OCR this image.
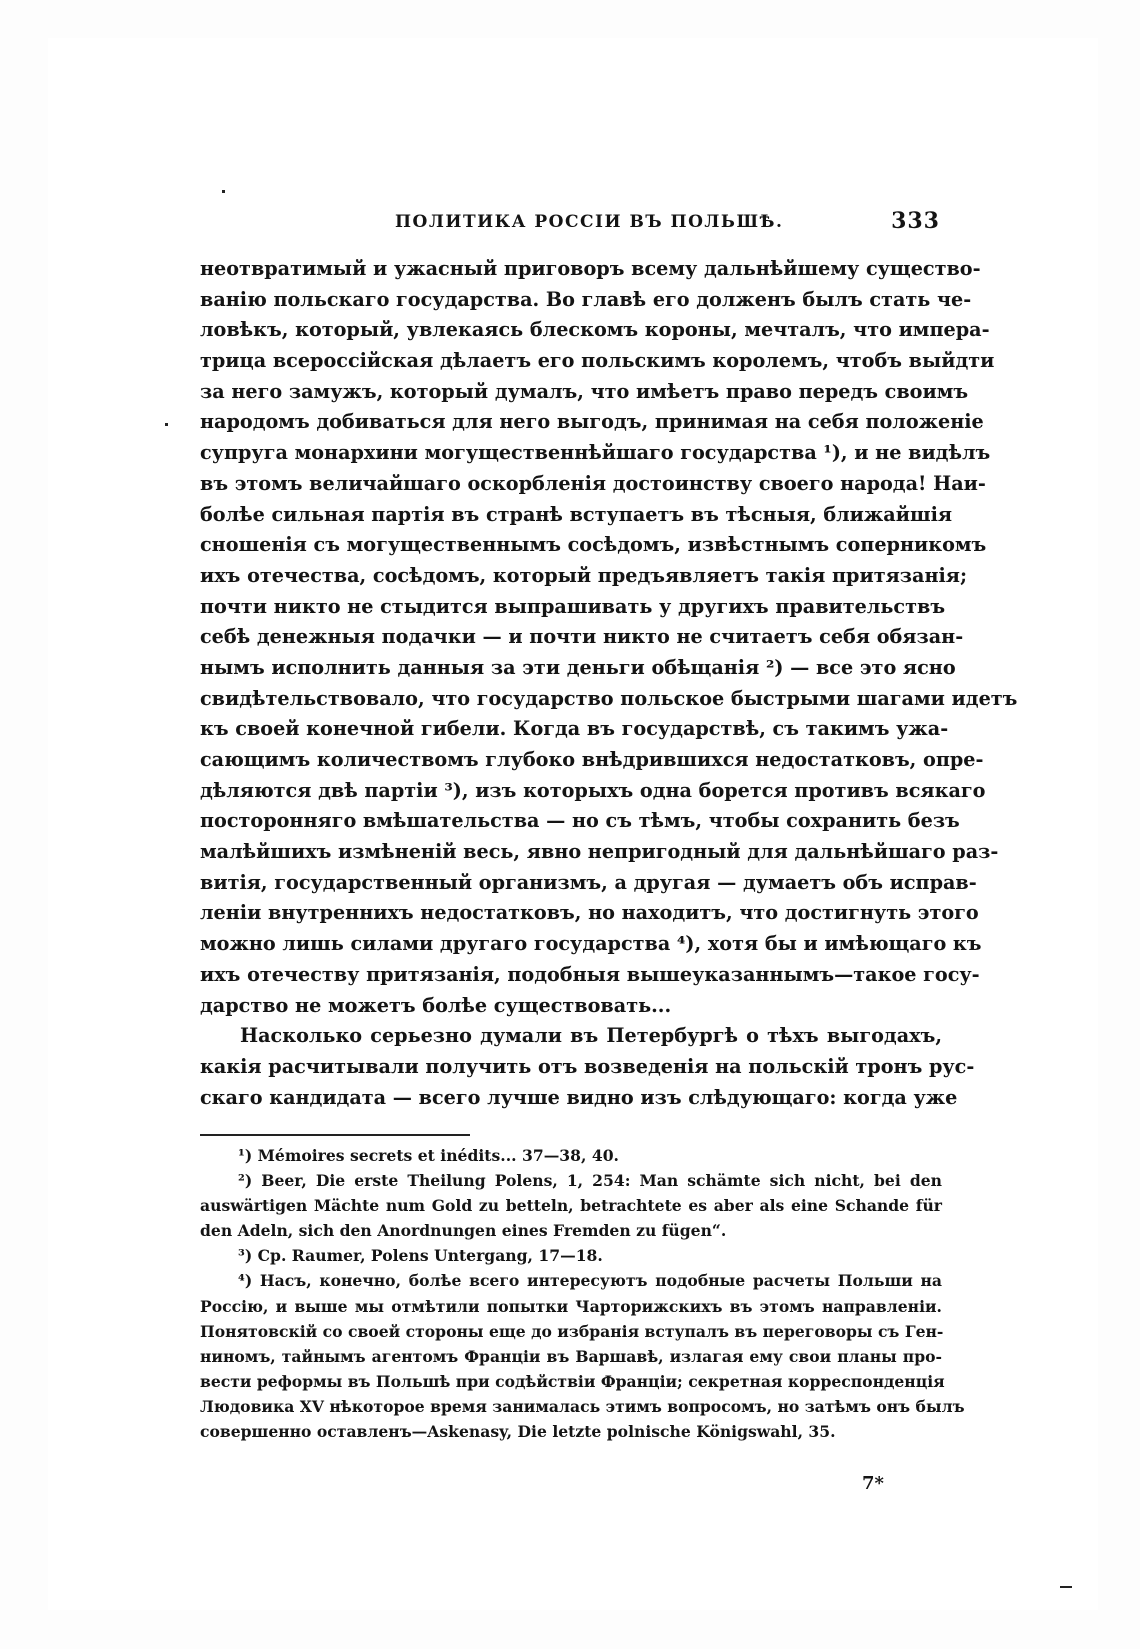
ПОЛИТИКА РОССІИ ВЪ ПОЛЬШѢ.	333
неотвратимый и ужасный приговоръ всему дальнѣйшему существо-
ванію польскаго государства. Во главѣ его долженъ былъ стать че-
ловѣкъ, который, увлекаясь блескомъ короны, мечталъ, что импера-
трица всероссійская дѣлаетъ его польскимъ королемъ, чтобъ выйдти
за него замужъ, который думалъ, что имѣетъ право передъ своимъ
народомъ добиваться для него выгодъ, принимая на себя положеніе
супруга монархини могущественнѣйшаго государства ¹), и не видѣлъ
въ этомъ величайшаго оскорбленія достоинству своего народа! Наи-
болѣе сильная партія въ странѣ вступаетъ въ тѣсныя, ближайшія
сношенія съ могущественнымъ сосѣдомъ, извѣстнымъ соперникомъ
ихъ отечества, сосѣдомъ, который предъявляетъ такія притязанія;
почти никто не стыдится выпрашивать у другихъ правительствъ
себѣ денежныя подачки — и почти никто не считаетъ себя обязан-
нымъ исполнить данныя за эти деньги обѣщанія ²) — все это ясно
свидѣтельствовало, что государство польское быстрыми шагами идетъ
къ своей конечной гибели. Когда въ государствѣ, съ такимъ ужа-
сающимъ количествомъ глубоко внѣдрившихся недостатковъ, опре-
дѣляются двѣ партіи ³), изъ которыхъ одна борется противъ всякаго
посторонняго вмѣшательства — но съ тѣмъ, чтобы сохранить безъ
малѣйшихъ измѣненій весь, явно непригодный для дальнѣйшаго раз-
витія, государственный организмъ, а другая — думаетъ объ исправ-
леніи внутреннихъ недостатковъ, но находитъ, что достигнуть этого
можно лишь силами другаго государства ⁴), хотя бы и имѣющаго къ
ихъ отечеству притязанія, подобныя вышеуказаннымъ—такое госу-
дарство не можетъ болѣе существовать...
Насколько серьезно думали въ Петербургѣ о тѣхъ выгодахъ,
какія расчитывали получить отъ возведенія на польскій тронъ рус-
скаго кандидата — всего лучше видно изъ слѣдующаго: когда уже
¹) Mémoires secrets et inédits... 37—38, 40.
²) Beer, Die erste Theilung Polens, 1, 254: Man schämte sich nicht, bei den
auswärtigen Mächte num Gold zu betteln, betrachtete es aber als eine Schande für
den Adeln, sich den Anordnungen eines Fremden zu fügen“.
³) Cp. Raumer, Polens Untergang, 17—18.
⁴) Насъ, конечно, болѣе всего интересуютъ подобные расчеты Польши на
Россію, и выше мы отмѣтили попытки Чарторижскихъ въ этомъ направленіи.
Понятовскій со своей стороны еще до избранія вступалъ въ переговоры съ Ген-
ниномъ, тайнымъ агентомъ Франціи въ Варшавѣ, излагая ему свои планы про-
вести реформы въ Польшѣ при содѣйствіи Франціи; секретная корреспонденція
Людовика XV нѣкоторое время занималась этимъ вопросомъ, но затѣмъ онъ былъ
совершенно оставленъ—Askenasy, Die letzte polnische Königswahl, 35.
7*
